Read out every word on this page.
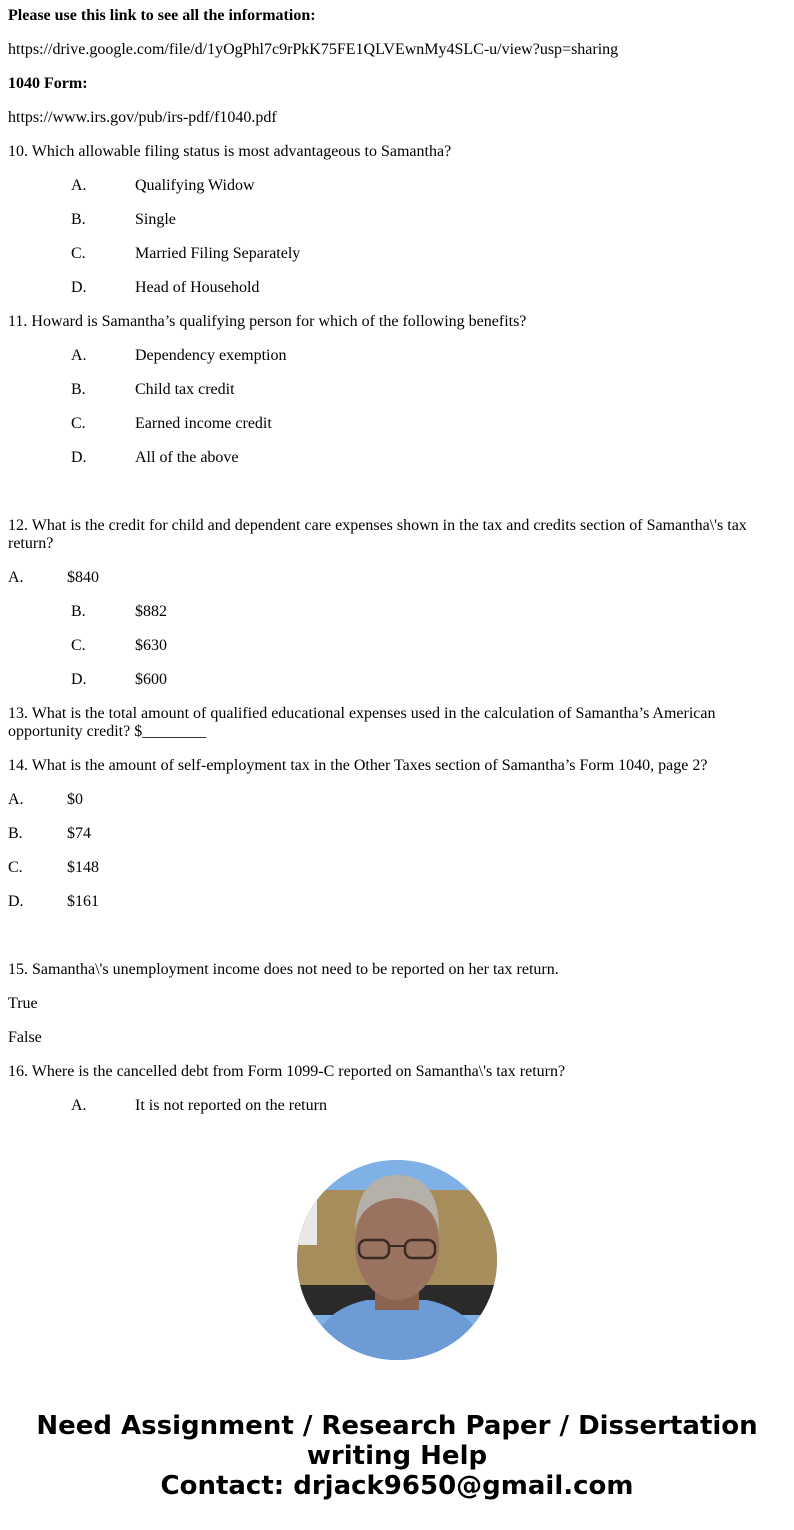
Please use this link to see all the information:

https://drive.google.com/file/d/1yOgPhl7c9rPkK75FE1QLVEwnMy4SLC-u/view?usp=sharing

1040 Form:

https://www.irs.gov/pub/irs-pdf/f1040.pdf

10. Which allowable filing status is most advantageous to Samantha?

A.	Qualifying Widow

B.	Single

C.	Married Filing Separately

D.	Head of Household

11. Howard is Samantha’s qualifying person for which of the following benefits?

A.	Dependency exemption

B.	Child tax credit

C.	Earned income credit

D.	All of the above

12. What is the credit for child and dependent care expenses shown in the tax and credits section of Samantha\'s tax return?

A.	$840

B.	$882

C.	$630

D.	$600

13. What is the total amount of qualified educational expenses used in the calculation of Samantha’s American opportunity credit? $________

14. What is the amount of self-employment tax in the Other Taxes section of Samantha’s Form 1040, page 2?

A.	$0

B.	$74

C.	$148

D.	$161

15. Samantha\'s unemployment income does not need to be reported on her tax return.

True

False

16. Where is the cancelled debt from Form 1099-C reported on Samantha\'s tax return?

A.	It is not reported on the return

Need Assignment / Research Paper / Dissertation
writing Help
Contact: drjack9650@gmail.com
